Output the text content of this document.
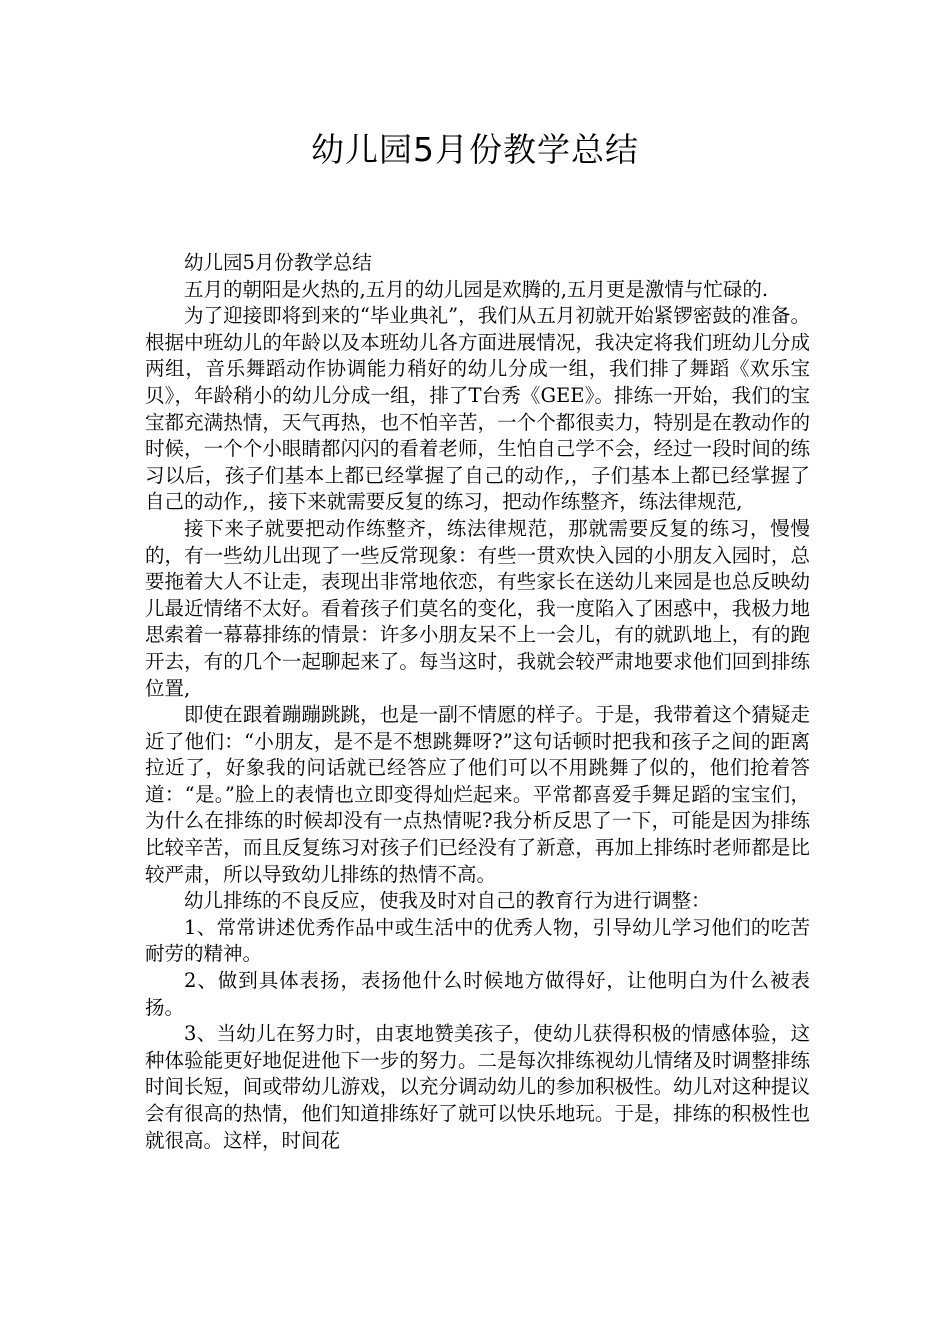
幼儿园5月份教学总结

幼儿园5月份教学总结

五月的朝阳是火热的,五月的幼儿园是欢腾的,五月更是激情与忙碌的.

为了迎接即将到来的“毕业典礼”，我们从五月初就开始紧锣密鼓的准备。根据中班幼儿的年龄以及本班幼儿各方面进展情况，我决定将我们班幼儿分成两组，音乐舞蹈动作协调能力稍好的幼儿分成一组，我们排了舞蹈《欢乐宝贝》，年龄稍小的幼儿分成一组，排了T台秀《GEE》。排练一开始，我们的宝宝都充满热情，天气再热，也不怕辛苦，一个个都很卖力，特别是在教动作的时候，一个个小眼睛都闪闪的看着老师，生怕自己学不会，经过一段时间的练习以后，孩子们基本上都已经掌握了自己的动作,，子们基本上都已经掌握了自己的动作,，接下来就需要反复的练习，把动作练整齐，练法律规范,

接下来子就要把动作练整齐，练法律规范，那就需要反复的练习，慢慢的，有一些幼儿出现了一些反常现象：有些一贯欢快入园的小朋友入园时，总要拖着大人不让走，表现出非常地依恋，有些家长在送幼儿来园是也总反映幼儿最近情绪不太好。看着孩子们莫名的变化，我一度陷入了困惑中，我极力地思索着一幕幕排练的情景：许多小朋友呆不上一会儿，有的就趴地上，有的跑开去，有的几个一起聊起来了。每当这时，我就会较严肃地要求他们回到排练位置,

即使在跟着蹦蹦跳跳，也是一副不情愿的样子。于是，我带着这个猜疑走近了他们：“小朋友，是不是不想跳舞呀?”这句话顿时把我和孩子之间的距离拉近了，好象我的问话就已经答应了他们可以不用跳舞了似的，他们抢着答道：“是。”脸上的表情也立即变得灿烂起来。平常都喜爱手舞足蹈的宝宝们，为什么在排练的时候却没有一点热情呢?我分析反思了一下，可能是因为排练比较辛苦，而且反复练习对孩子们已经没有了新意，再加上排练时老师都是比较严肃，所以导致幼儿排练的热情不高。

幼儿排练的不良反应，使我及时对自己的教育行为进行调整：

1、常常讲述优秀作品中或生活中的优秀人物，引导幼儿学习他们的吃苦耐劳的精神。

2、做到具体表扬，表扬他什么时候地方做得好，让他明白为什么被表扬。

3、当幼儿在努力时，由衷地赞美孩子，使幼儿获得积极的情感体验，这种体验能更好地促进他下一步的努力。二是每次排练视幼儿情绪及时调整排练时间长短，间或带幼儿游戏，以充分调动幼儿的参加积极性。幼儿对这种提议会有很高的热情，他们知道排练好了就可以快乐地玩。于是，排练的积极性也就很高。这样，时间花
